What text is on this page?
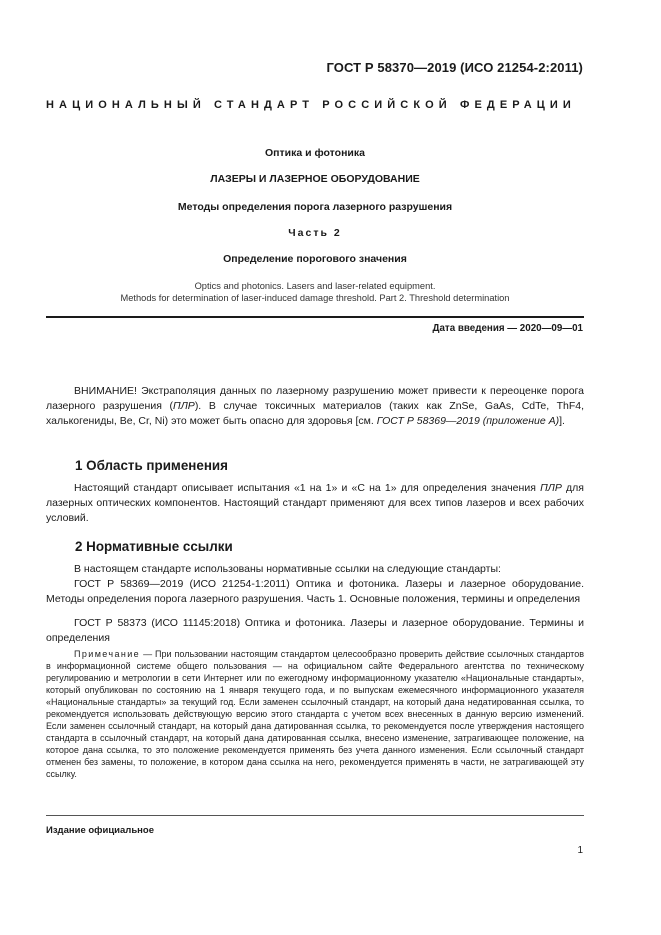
ГОСТ Р 58370—2019 (ИСО 21254-2:2011)
НАЦИОНАЛЬНЫЙ СТАНДАРТ РОССИЙСКОЙ ФЕДЕРАЦИИ
Оптика и фотоника
ЛАЗЕРЫ И ЛАЗЕРНОЕ ОБОРУДОВАНИЕ
Методы определения порога лазерного разрушения
Часть 2
Определение порогового значения
Optics and photonics. Lasers and laser-related equipment.
Methods for determination of laser-induced damage threshold. Part 2. Threshold determination
Дата введения — 2020—09—01
ВНИМАНИЕ! Экстраполяция данных по лазерному разрушению может привести к переоценке порога лазерного разрушения (ПЛР). В случае токсичных материалов (таких как ZnSe, GaAs, CdTe, ThF4, халькогениды, Be, Cr, Ni) это может быть опасно для здоровья [см. ГОСТ Р 58369—2019 (приложение А)].
1 Область применения
Настоящий стандарт описывает испытания «1 на 1» и «С на 1» для определения значения ПЛР для лазерных оптических компонентов. Настоящий стандарт применяют для всех типов лазеров и всех рабочих условий.
2 Нормативные ссылки
В настоящем стандарте использованы нормативные ссылки на следующие стандарты:
ГОСТ Р 58369—2019 (ИСО 21254-1:2011) Оптика и фотоника. Лазеры и лазерное оборудование. Методы определения порога лазерного разрушения. Часть 1. Основные положения, термины и определения
ГОСТ Р 58373 (ИСО 11145:2018) Оптика и фотоника. Лазеры и лазерное оборудование. Термины и определения
Примечание — При пользовании настоящим стандартом целесообразно проверить действие ссылочных стандартов в информационной системе общего пользования — на официальном сайте Федерального агентства по техническому регулированию и метрологии в сети Интернет или по ежегодному информационному указателю «Национальные стандарты», который опубликован по состоянию на 1 января текущего года, и по выпускам ежемесячного информационного указателя «Национальные стандарты» за текущий год. Если заменен ссылочный стандарт, на который дана недатированная ссылка, то рекомендуется использовать действующую версию этого стандарта с учетом всех внесенных в данную версию изменений. Если заменен ссылочный стандарт, на который дана датированная ссылка, то рекомендуется после утверждения настоящего стандарта в ссылочный стандарт, на который дана датированная ссылка, внесено изменение, затрагивающее положение, на которое дана ссылка, то это положение рекомендуется применять без учета данного изменения. Если ссылочный стандарт отменен без замены, то положение, в котором дана ссылка на него, рекомендуется применять в части, не затрагивающей эту ссылку.
Издание официальное
1
